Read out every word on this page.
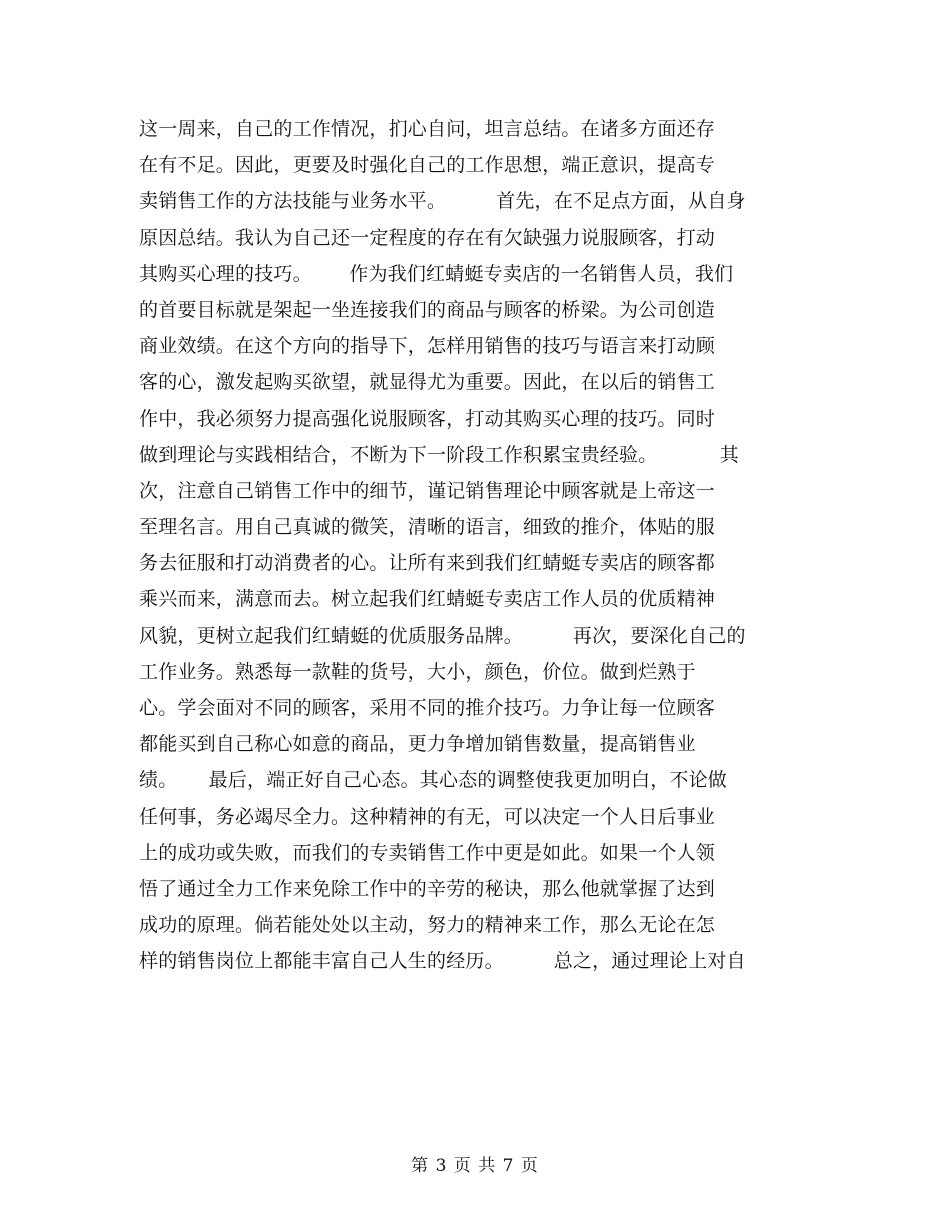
这一周来，自己的工作情况，扪心自问，坦言总结。在诸多方面还存
在有不足。因此，更要及时强化自己的工作思想，端正意识，提高专
卖销售工作的方法技能与业务水平。        首先，在不足点方面，从自身
原因总结。我认为自己还一定程度的存在有欠缺强力说服顾客，打动
其购买心理的技巧。      作为我们红蜻蜓专卖店的一名销售人员，我们
的首要目标就是架起一坐连接我们的商品与顾客的桥梁。为公司创造
商业效绩。在这个方向的指导下，怎样用销售的技巧与语言来打动顾
客的心，激发起购买欲望，就显得尤为重要。因此，在以后的销售工
作中，我必须努力提高强化说服顾客，打动其购买心理的技巧。同时
做到理论与实践相结合，不断为下一阶段工作积累宝贵经验。          其
次，注意自己销售工作中的细节，谨记销售理论中顾客就是上帝这一
至理名言。用自己真诚的微笑，清晰的语言，细致的推介，体贴的服
务去征服和打动消费者的心。让所有来到我们红蜻蜓专卖店的顾客都
乘兴而来，满意而去。树立起我们红蜻蜓专卖店工作人员的优质精神
风貌，更树立起我们红蜻蜓的优质服务品牌。        再次，要深化自己的
工作业务。熟悉每一款鞋的货号，大小，颜色，价位。做到烂熟于
心。学会面对不同的顾客，采用不同的推介技巧。力争让每一位顾客
都能买到自己称心如意的商品，更力争增加销售数量，提高销售业
绩。     最后，端正好自己心态。其心态的调整使我更加明白，不论做
任何事，务必竭尽全力。这种精神的有无，可以决定一个人日后事业
上的成功或失败，而我们的专卖销售工作中更是如此。如果一个人领
悟了通过全力工作来免除工作中的辛劳的秘诀，那么他就掌握了达到
成功的原理。倘若能处处以主动，努力的精神来工作，那么无论在怎
样的销售岗位上都能丰富自己人生的经历。        总之，通过理论上对自
第 3 页 共 7 页
